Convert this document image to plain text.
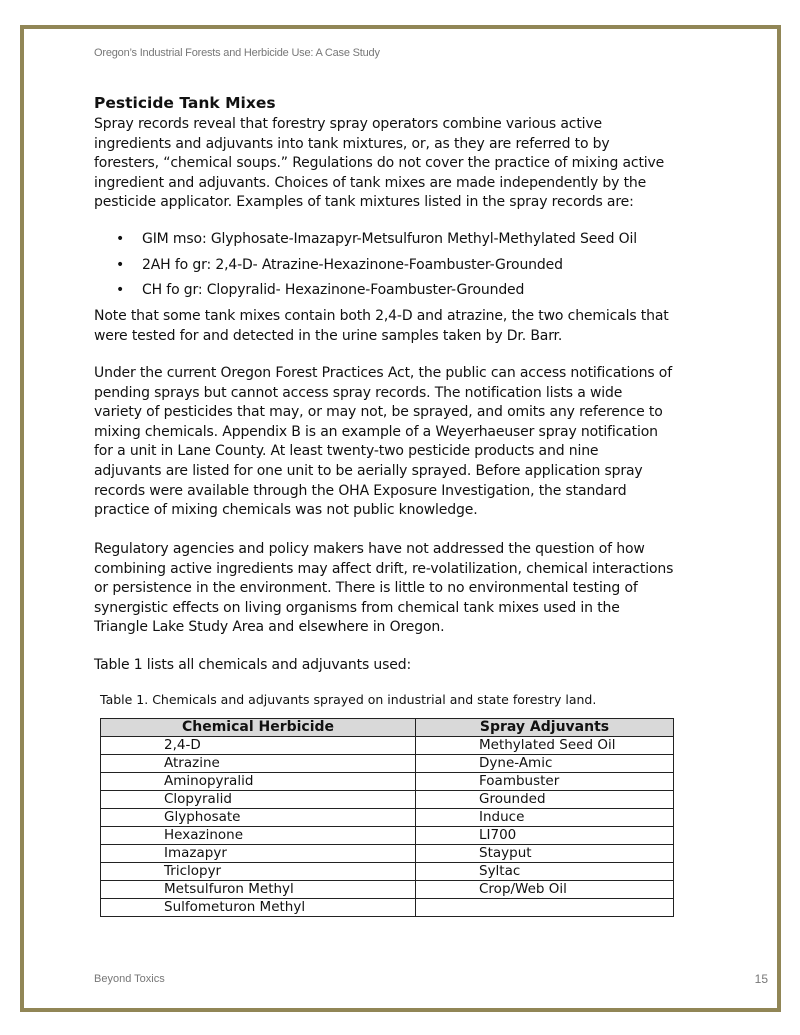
Oregon’s Industrial Forests and Herbicide Use: A Case Study
Pesticide Tank Mixes
Spray records reveal that forestry spray operators combine various active
ingredients and adjuvants into tank mixtures, or, as they are referred to by
foresters, “chemical soups.” Regulations do not cover the practice of mixing active
ingredient and adjuvants. Choices of tank mixes are made independently by the
pesticide applicator. Examples of tank mixtures listed in the spray records are:
• GIM mso: Glyphosate-Imazapyr-Metsulfuron Methyl-Methylated Seed Oil
• 2AH fo gr: 2,4-D- Atrazine-Hexazinone-Foambuster-Grounded
• CH fo gr: Clopyralid- Hexazinone-Foambuster-Grounded
Note that some tank mixes contain both 2,4-D and atrazine, the two chemicals that
were tested for and detected in the urine samples taken by Dr. Barr.
Under the current Oregon Forest Practices Act, the public can access notifications of
pending sprays but cannot access spray records. The notification lists a wide
variety of pesticides that may, or may not, be sprayed, and omits any reference to
mixing chemicals. Appendix B is an example of a Weyerhaeuser spray notification
for a unit in Lane County. At least twenty-two pesticide products and nine
adjuvants are listed for one unit to be aerially sprayed. Before application spray
records were available through the OHA Exposure Investigation, the standard
practice of mixing chemicals was not public knowledge.
Regulatory agencies and policy makers have not addressed the question of how
combining active ingredients may affect drift, re-volatilization, chemical interactions
or persistence in the environment. There is little to no environmental testing of
synergistic effects on living organisms from chemical tank mixes used in the
Triangle Lake Study Area and elsewhere in Oregon.
Table 1 lists all chemicals and adjuvants used:
Table 1. Chemicals and adjuvants sprayed on industrial and state forestry land.
Chemical Herbicide	Spray Adjuvants
2,4-D	Methylated Seed Oil
Atrazine	Dyne-Amic
Aminopyralid	Foambuster
Clopyralid	Grounded
Glyphosate	Induce
Hexazinone	LI700
Imazapyr	Stayput
Triclopyr	Syltac
Metsulfuron Methyl	Crop/Web Oil
Sulfometuron Methyl	
Beyond Toxics	15
